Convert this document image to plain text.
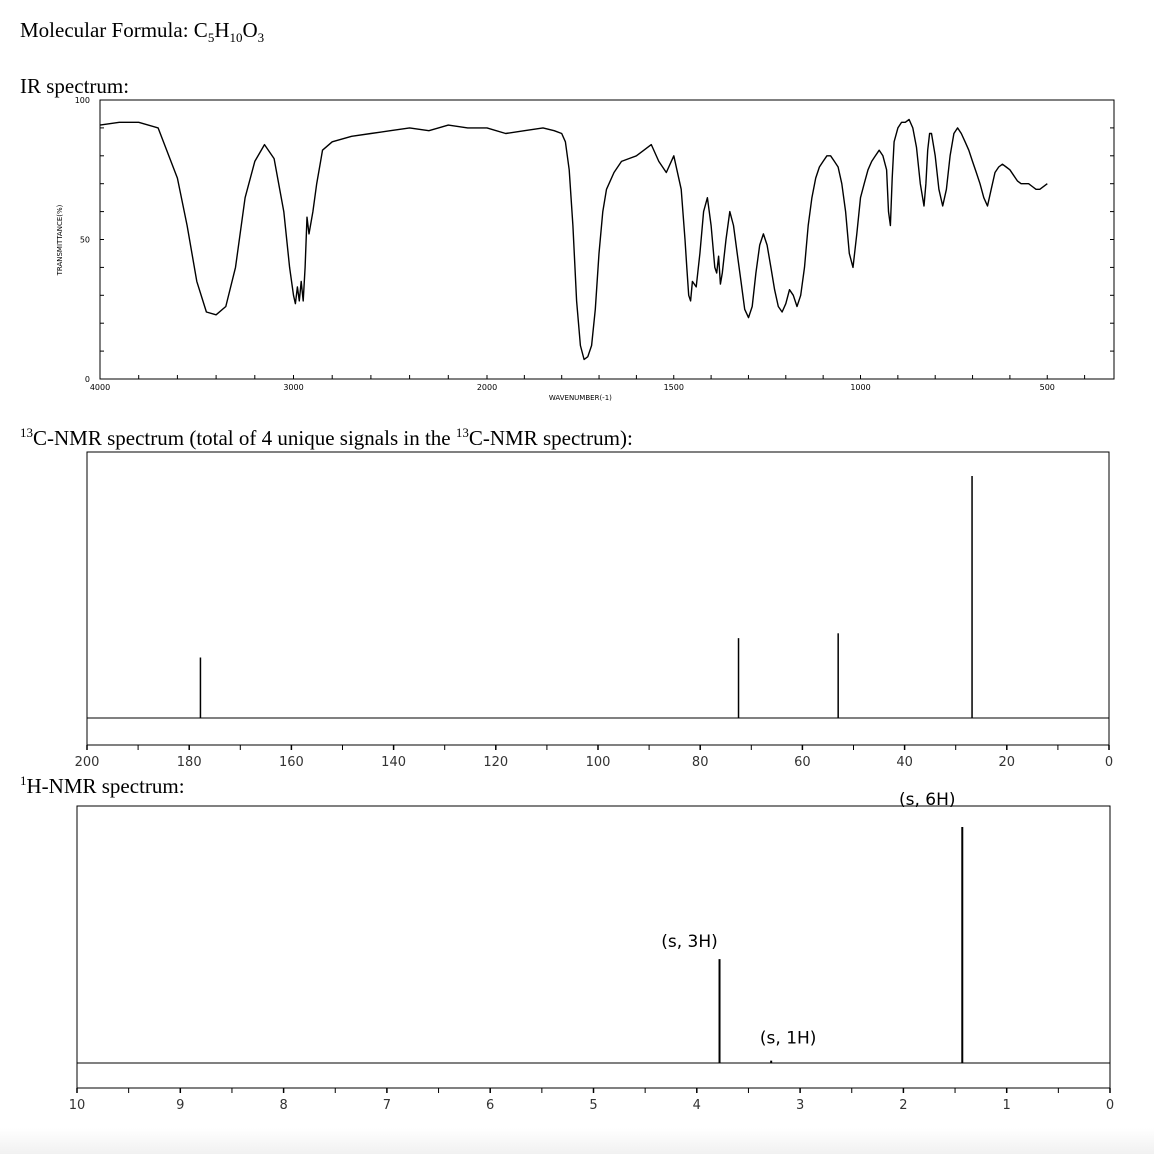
Molecular Formula: $C_5H_{10}O_3$
IR spectrum:
$^{13}$C-NMR spectrum (total of 4 unique signals in the $^{13}$C-NMR spectrum):
$^1$H-NMR spectrum:
4000	3000	2000	1500	1000	500
0
50
100
WAVENUMBER(-1)
TRANSMITTANCE(%)
200	180	160	140	120	100	80	60	40	20	0
10	9	8	7	6	5	4	3	2	1	0
(s, 3H)
(s, 1H)
(s, 6H)
